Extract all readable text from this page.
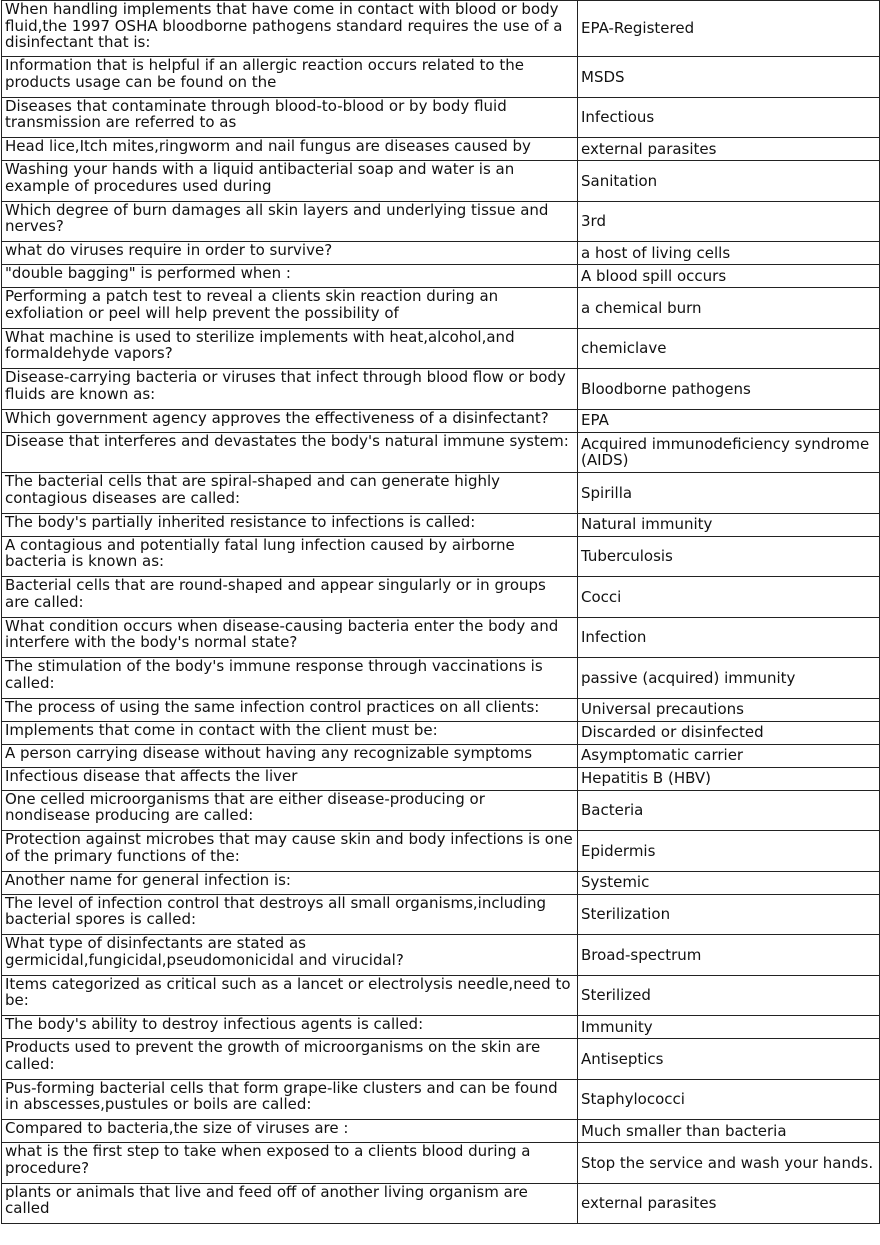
When handling implements that have come in contact with blood or body fluid,the 1997 OSHA bloodborne pathogens standard requires the use of a disinfectant that is:	EPA-Registered
Information that is helpful if an allergic reaction occurs related to the products usage can be found on the	MSDS
Diseases that contaminate through blood-to-blood or by body fluid transmission are referred to as	Infectious
Head lice,Itch mites,ringworm and nail fungus are diseases caused by	external parasites
Washing your hands with a liquid antibacterial soap and water is an example of procedures used during	Sanitation
Which degree of burn damages all skin layers and underlying tissue and nerves?	3rd
what do viruses require in order to survive?	a host of living cells
"double bagging" is performed when :	A blood spill occurs
Performing a patch test to reveal a clients skin reaction during an exfoliation or peel will help prevent the possibility of	a chemical burn
What machine is used to sterilize implements with heat,alcohol,and formaldehyde vapors?	chemiclave
Disease-carrying bacteria or viruses that infect through blood flow or body fluids are known as:	Bloodborne pathogens
Which government agency approves the effectiveness of a disinfectant?	EPA
Disease that interferes and devastates the body's natural immune system:	Acquired immunodeficiency syndrome (AIDS)
The bacterial cells that are spiral-shaped and can generate highly contagious diseases are called:	Spirilla
The body's partially inherited resistance to infections is called:	Natural immunity
A contagious and potentially fatal lung infection caused by airborne bacteria is known as:	Tuberculosis
Bacterial cells that are round-shaped and appear singularly or in groups are called:	Cocci
What condition occurs when disease-causing bacteria enter the body and interfere with the body's normal state?	Infection
The stimulation of the body's immune response through vaccinations is called:	passive (acquired) immunity
The process of using the same infection control practices on all clients:	Universal precautions
Implements that come in contact with the client must be:	Discarded or disinfected
A person carrying disease without having any recognizable symptoms	Asymptomatic carrier
Infectious disease that affects the liver	Hepatitis B (HBV)
One celled microorganisms that are either disease-producing or nondisease producing are called:	Bacteria
Protection against microbes that may cause skin and body infections is one of the primary functions of the:	Epidermis
Another name for general infection is:	Systemic
The level of infection control that destroys all small organisms,including bacterial spores is called:	Sterilization
What type of disinfectants are stated as germicidal,fungicidal,pseudomonicidal and virucidal?	Broad-spectrum
Items categorized as critical such as a lancet or electrolysis needle,need to be:	Sterilized
The body's ability to destroy infectious agents is called:	Immunity
Products used to prevent the growth of microorganisms on the skin are called:	Antiseptics
Pus-forming bacterial cells that form grape-like clusters and can be found in abscesses,pustules or boils are called:	Staphylococci
Compared to bacteria,the size of viruses are :	Much smaller than bacteria
what is the first step to take when exposed to a clients blood during a procedure?	Stop the service and wash your hands.
plants or animals that live and feed off of another living organism are called	external parasites
